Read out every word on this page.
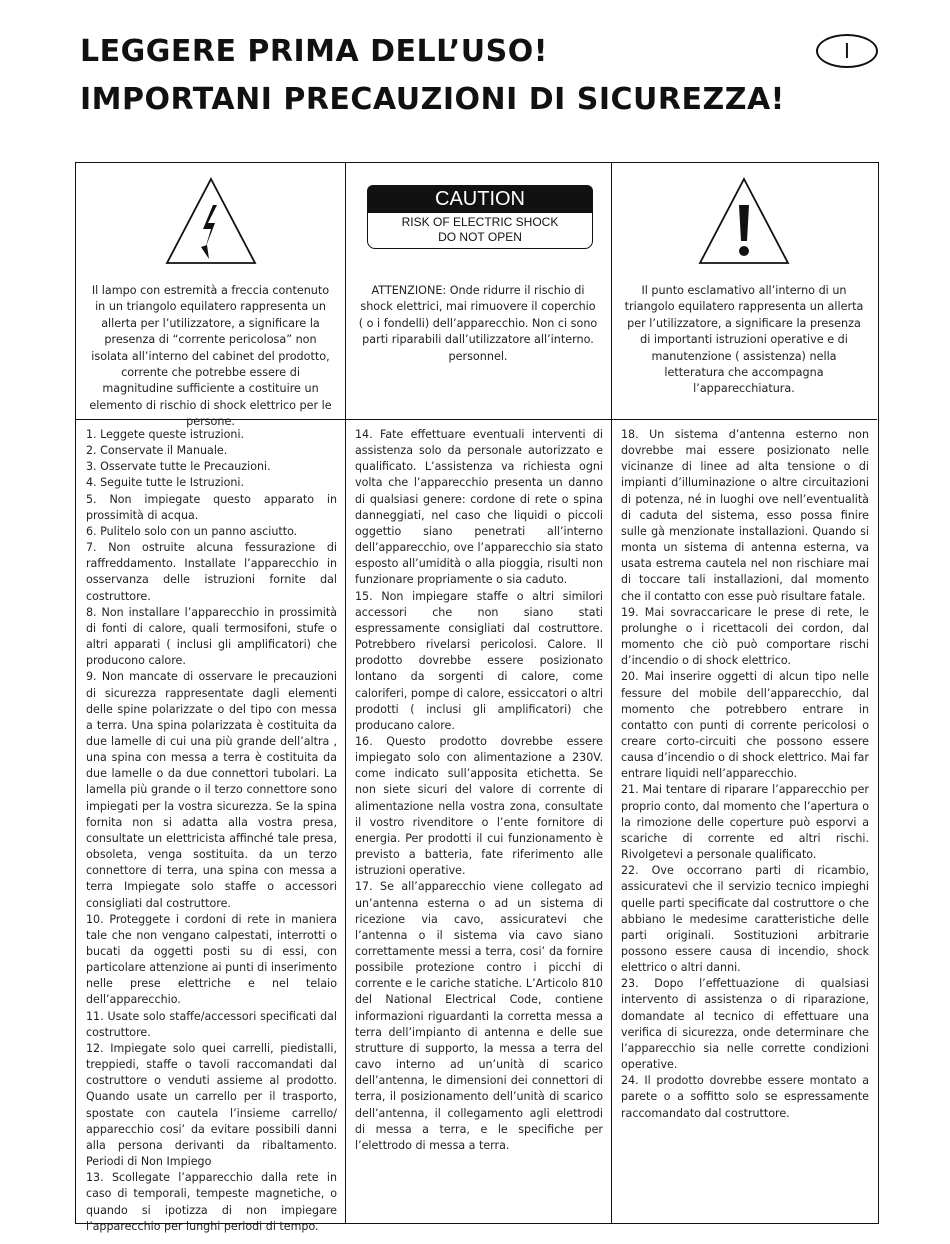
LEGGERE PRIMA DELL’USO!
IMPORTANI PRECAUZIONI DI SICUREZZA!
I
Il lampo con estremità a freccia contenuto in un triangolo equilatero rappresenta un allerta per l’utilizzatore, a significare la presenza di “corrente pericolosa” non isolata all’interno del cabinet del prodotto, corrente che potrebbe essere di magnitudine sufficiente a costituire un elemento di rischio di shock elettrico per le persone.
CAUTION
RISK OF ELECTRIC SHOCK
DO NOT OPEN
ATTENZIONE: Onde ridurre il rischio di shock elettrici, mai rimuovere il coperchio ( o i fondelli) dell’apparecchio. Non ci sono parti riparabili dall’utilizzatore all’interno. personnel.
Il punto esclamativo all’interno di un triangolo equilatero rappresenta un allerta per l’utilizzatore, a significare la presenza di importanti istruzioni operative e di manutenzione ( assistenza) nella letteratura che accompagna l’apparecchiatura.

1. Leggete queste istruzioni.

2. Conservate il Manuale.

3. Osservate tutte le Precauzioni.

4. Seguite tutte le Istruzioni.

5. Non impiegate questo apparato in prossimità di acqua.

6. Pulitelo solo con un panno asciutto.

7. Non ostruite alcuna fessurazione di raffreddamento. Installate l’apparecchio in osservanza delle istruzioni fornite dal costruttore.

8. Non installare l’apparecchio in prossimità di fonti di calore, quali termosifoni, stufe o altri apparati ( inclusi gli amplificatori) che producono calore.

9. Non mancate di osservare le precauzioni di sicurezza rappresentate dagli elementi delle spine polarizzate o del tipo con messa a terra. Una spina polarizzata è costituita da due lamelle di cui una più grande dell’altra , una spina con messa a terra è costituita da due lamelle o da due connettori tubolari. La lamella più grande o il terzo connettore sono impiegati per la vostra sicurezza. Se la spina fornita non si adatta alla vostra presa, consultate un elettricista affinché tale presa, obsoleta, venga sostituita. da un terzo connettore di terra, una spina con messa a terra Impiegate solo staffe o accessori consigliati dal costruttore.

10. Proteggete i cordoni di rete in maniera tale che non vengano calpestati, interrotti o bucati da oggetti posti su di essi, con particolare attenzione ai punti di inserimento nelle prese elettriche e nel telaio dell’apparecchio.

11. Usate solo staffe/accessori specificati dal costruttore.

12. Impiegate solo quei carrelli, piedistalli, treppiedi, staffe o tavoli raccomandati dal costruttore o venduti assieme al prodotto. Quando usate un carrello per il trasporto, spostate con cautela l’insieme carrello/ apparecchio cosi’ da evitare possibili danni alla persona derivanti da ribaltamento. Periodi di Non Impiego

13. Scollegate l’apparecchio dalla rete in caso di temporali, tempeste magnetiche, o quando si ipotizza di non impiegare l’apparecchio per lunghi periodi di tempo.

14. Fate effettuare eventuali interventi di assistenza solo da personale autorizzato e qualificato. L’assistenza va richiesta ogni volta che l’apparecchio presenta un danno di qualsiasi genere: cordone di rete o spina danneggiati, nel caso che liquidi o piccoli oggettio siano penetrati all’interno dell’apparecchio, ove l’apparecchio sia stato esposto all’umidità o alla pioggia, risulti non funzionare propriamente o sia caduto.

15. Non impiegare staffe o altri similori accessori che non siano stati espressamente consigliati dal costruttore. Potrebbero rivelarsi pericolosi. Calore. Il prodotto dovrebbe essere posizionato lontano da sorgenti di calore, come caloriferi, pompe di calore, essiccatori o altri prodotti ( inclusi gli amplificatori) che producano calore.

16. Questo prodotto dovrebbe essere impiegato solo con alimentazione a 230V. come indicato sull’apposita etichetta. Se non siete sicuri del valore di corrente di alimentazione nella vostra zona, consultate il vostro rivenditore o l’ente fornitore di energia. Per prodotti il cui funzionamento è previsto a batteria, fate riferimento alle istruzioni operative.

17. Se all’apparecchio viene collegato ad un’antenna esterna o ad un sistema di ricezione via cavo, assicuratevi che l’antenna o il sistema via cavo siano correttamente messi a terra, cosi’ da fornire possibile protezione contro i picchi di corrente e le cariche statiche. L’Articolo 810 del National Electrical Code, contiene informazioni riguardanti la corretta messa a terra dell’impianto di antenna e delle sue strutture di supporto, la messa a terra del cavo interno ad un’unità di scarico dell’antenna, le dimensioni dei connettori di terra, il posizionamento dell’unità di scarico dell’antenna, il collegamento agli elettrodi di messa a terra, e le specifiche per l’elettrodo di messa a terra.

18. Un sistema d’antenna esterno non dovrebbe mai essere posizionato nelle vicinanze di linee ad alta tensione o di impianti d’illuminazione o altre circuitazioni di potenza, né in luoghi ove nell’eventualità di caduta del sistema, esso possa finire sulle gà menzionate installazioni. Quando si monta un sistema di antenna esterna, va usata estrema cautela nel non rischiare mai di toccare tali installazioni, dal momento che il contatto con esse può risultare fatale.

19. Mai sovraccaricare le prese di rete, le prolunghe o i ricettacoli dei cordon, dal momento che ciò può comportare rischi d’incendio o di shock elettrico.

20. Mai inserire oggetti di alcun tipo nelle fessure del mobile dell’apparecchio, dal momento che potrebbero entrare in contatto con punti di corrente pericolosi o creare corto-circuiti che possono essere causa d’incendio o di shock elettrico. Mai far entrare liquidi nell’apparecchio.

21. Mai tentare di riparare l’apparecchio per proprio conto, dal momento che l’apertura o la rimozione delle coperture può esporvi a scariche di corrente ed altri rischi. Rivolgetevi a personale qualificato.

22. Ove occorrano parti di ricambio, assicuratevi che il servizio tecnico impieghi quelle parti specificate dal costruttore o che abbiano le medesime caratteristiche delle parti originali. Sostituzioni arbitrarie possono essere causa di incendio, shock elettrico o altri danni.

23. Dopo l’effettuazione di qualsiasi intervento di assistenza o di riparazione, domandate al tecnico di effettuare una verifica di sicurezza, onde determinare che l’apparecchio sia nelle corrette condizioni operative.

24. Il prodotto dovrebbe essere montato a parete o a soffitto solo se espressamente raccomandato dal costruttore.
